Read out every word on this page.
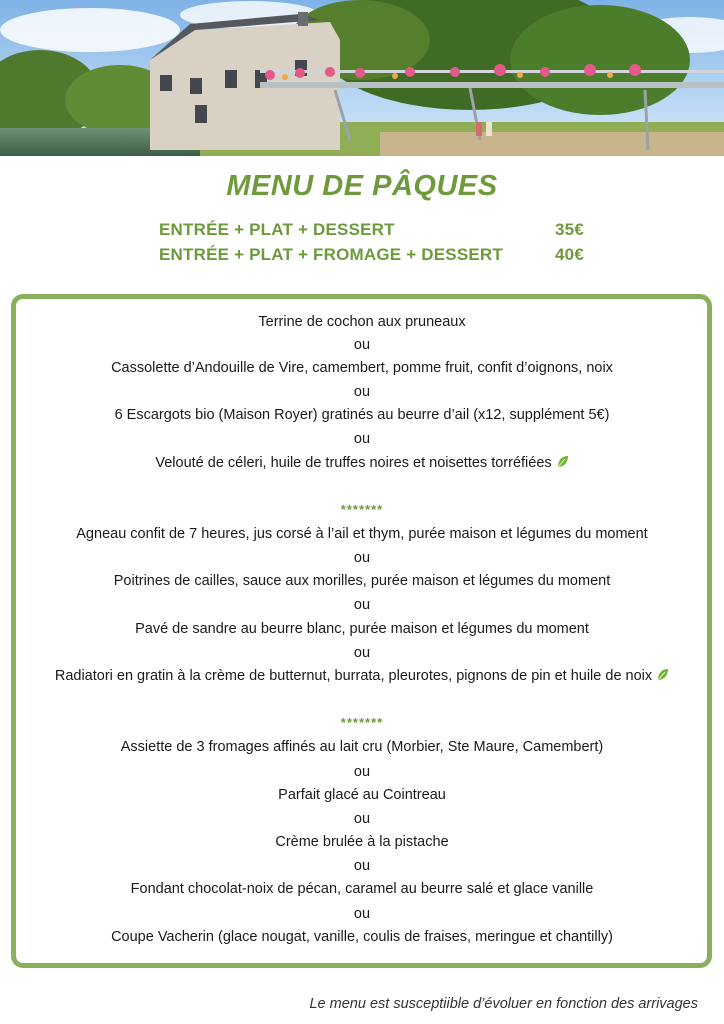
MENU DE PÂQUES
ENTRÉE + PLAT + DESSERT	35€
ENTRÉE + PLAT + FROMAGE + DESSERT	40€
Terrine de cochon aux pruneaux
ou
Cassolette d’Andouille de Vire, camembert, pomme fruit, confit d’oignons, noix
ou
6 Escargots bio (Maison Royer) gratinés au beurre d’ail (x12, supplément 5€)
ou
Velouté de céleri, huile de truffes noires et noisettes torréfiées
*******
Agneau confit de 7 heures, jus corsé à l’ail et thym, purée maison et légumes du moment
ou
Poitrines de cailles, sauce aux morilles, purée maison et légumes du moment
ou
Pavé de sandre au beurre blanc, purée maison et légumes du moment
ou
Radiatori en gratin à la crème de butternut, burrata, pleurotes, pignons de pin et huile de noix
*******
Assiette de 3 fromages affinés au lait cru (Morbier, Ste Maure, Camembert)
ou
Parfait glacé au Cointreau
ou
Crème brulée à la pistache
ou
Fondant chocolat-noix de pécan, caramel au beurre salé et glace vanille
ou
Coupe Vacherin (glace nougat, vanille, coulis de fraises, meringue et chantilly)
Le menu est susceptiible d’évoluer en fonction des arrivages
